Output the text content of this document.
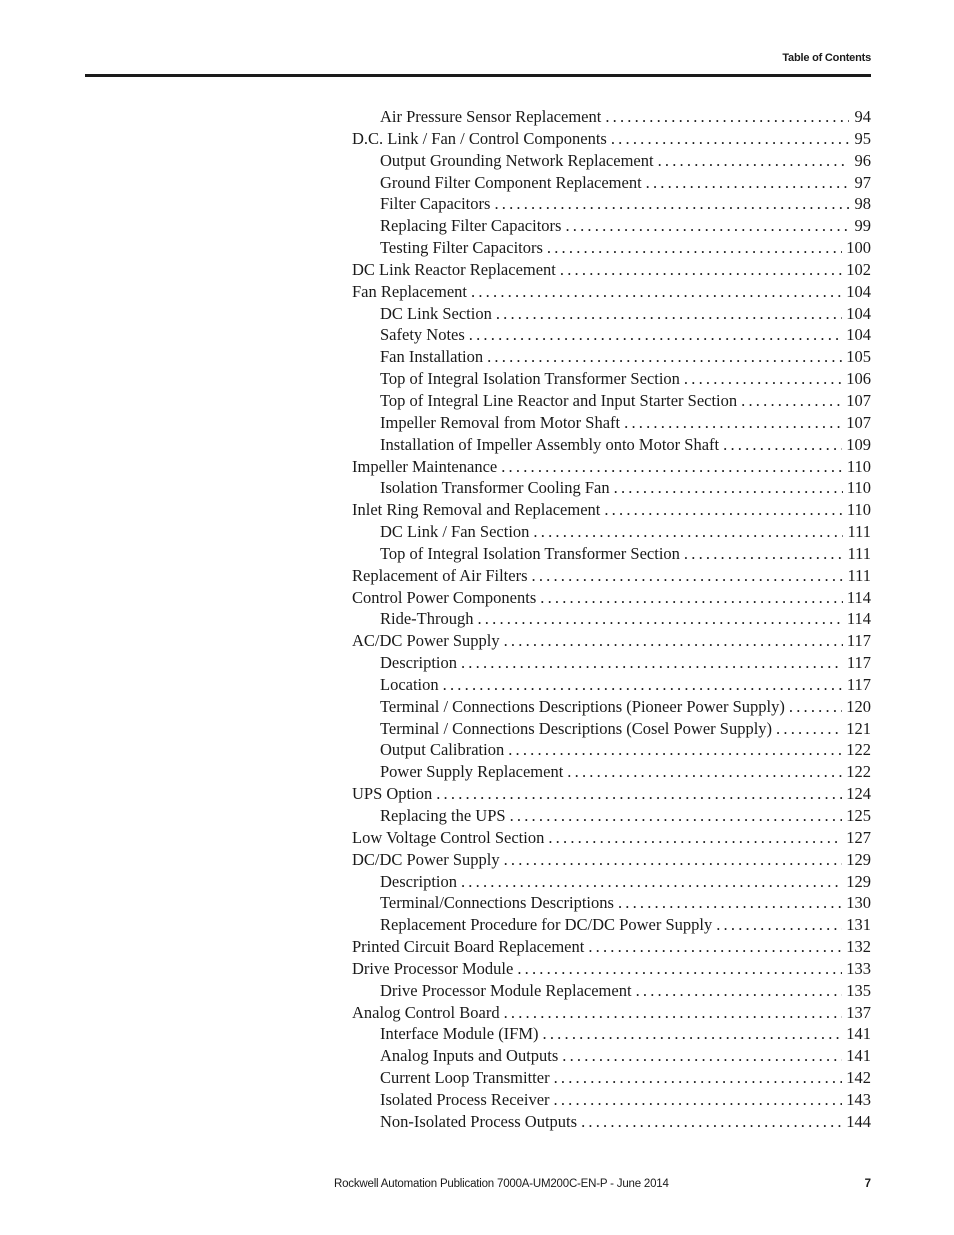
Table of Contents
Air Pressure Sensor Replacement .....	94
D.C. Link / Fan / Control Components .....	95
Output Grounding Network Replacement .....	96
Ground Filter Component Replacement .....	97
Filter Capacitors .....	98
Replacing Filter Capacitors .....	99
Testing Filter Capacitors .....	100
DC Link Reactor Replacement .....	102
Fan Replacement .....	104
DC Link Section .....	104
Safety Notes .....	104
Fan Installation .....	105
Top of Integral Isolation Transformer Section .....	106
Top of Integral Line Reactor and Input Starter Section .....	107
Impeller Removal from Motor Shaft .....	107
Installation of Impeller Assembly onto Motor Shaft .....	109
Impeller Maintenance .....	110
Isolation Transformer Cooling Fan .....	110
Inlet Ring Removal and Replacement .....	110
DC Link / Fan Section .....	111
Top of Integral Isolation Transformer Section .....	111
Replacement of Air Filters .....	111
Control Power Components .....	114
Ride-Through .....	114
AC/DC Power Supply .....	117
Description .....	117
Location .....	117
Terminal / Connections Descriptions (Pioneer Power Supply) .....	120
Terminal / Connections Descriptions (Cosel Power Supply) .....	121
Output Calibration .....	122
Power Supply Replacement .....	122
UPS Option .....	124
Replacing the UPS .....	125
Low Voltage Control Section .....	127
DC/DC Power Supply .....	129
Description .....	129
Terminal/Connections Descriptions .....	130
Replacement Procedure for DC/DC Power Supply .....	131
Printed Circuit Board Replacement .....	132
Drive Processor Module .....	133
Drive Processor Module Replacement .....	135
Analog Control Board .....	137
Interface Module (IFM) .....	141
Analog Inputs and Outputs .....	141
Current Loop Transmitter .....	142
Isolated Process Receiver .....	143
Non-Isolated Process Outputs .....	144
Rockwell Automation Publication 7000A-UM200C-EN-P - June 2014	7
